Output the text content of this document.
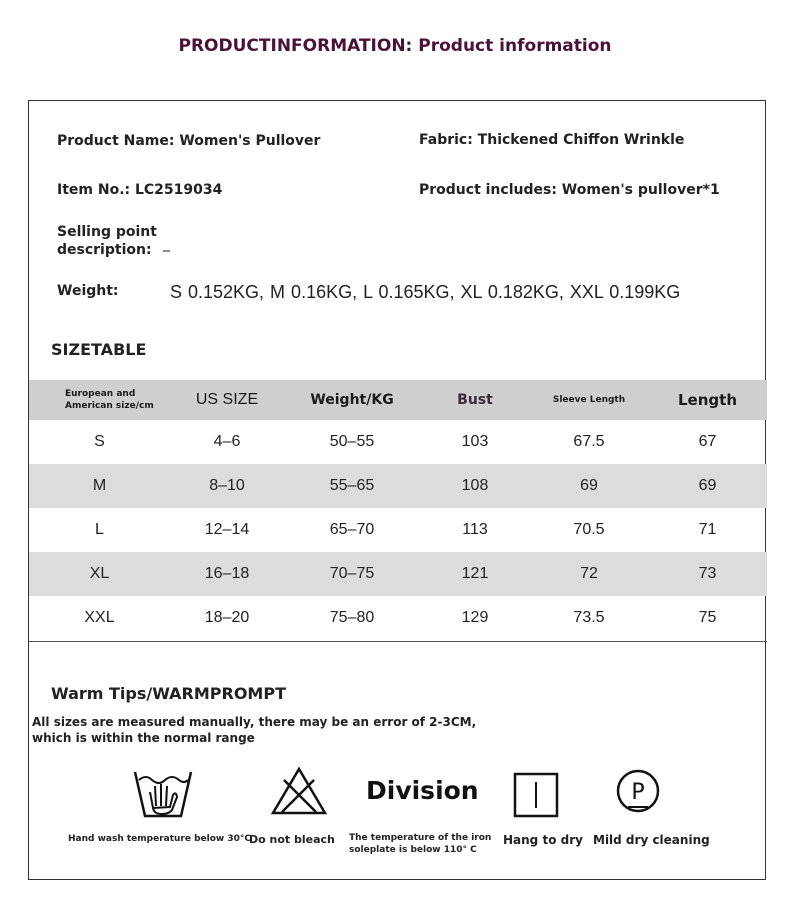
PRODUCTINFORMATION: Product information
Product Name: Women's Pullover	Fabric: Thickened Chiffon Wrinkle
Item No.: LC2519034	Product includes: Women's pullover*1
Selling point
description: _
Weight:	S 0.152KG, M 0.16KG, L 0.165KG, XL 0.182KG, XXL 0.199KG
SIZETABLE
European and
American size/cm	US SIZE	Weight/KG	Bust	Sleeve Length	Length
S	4–6	50–55	103	67.5	67
M	8–10	55–65	108	69	69
L	12–14	65–70	113	70.5	71
XL	16–18	70–75	121	72	73
XXL	18–20	75–80	129	73.5	75
Warm Tips/WARMPROMPT
All sizes are measured manually, there may be an error of 2-3CM,
which is within the normal range
Hand wash temperature below 30°C
Do not bleach
Division
The temperature of the iron
soleplate is below 110° C
Hang to dry
P
Mild dry cleaning
